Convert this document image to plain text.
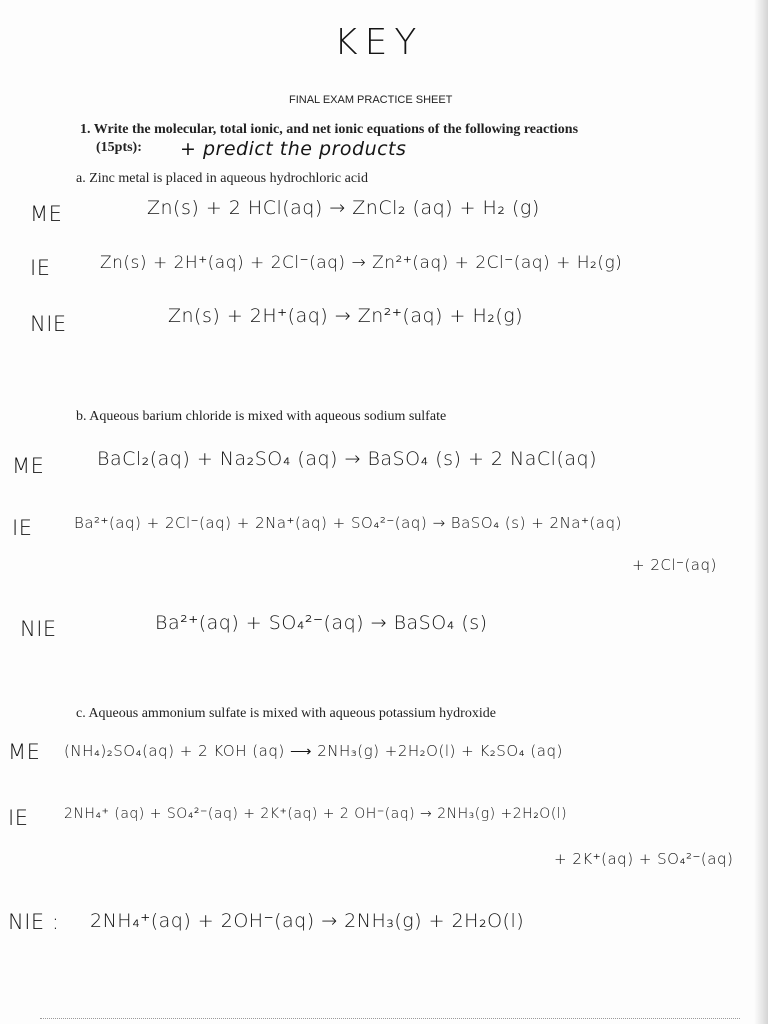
KEY
FINAL EXAM PRACTICE SHEET
1. Write the molecular, total ionic, and net ionic equations of the following reactions
(15pts): + predict the products
a. Zinc metal is placed in aqueous hydrochloric acid
ME	Zn(s) + 2 HCl(aq) → ZnCl₂ (aq) + H₂ (g)
IE	Zn(s) + 2H⁺(aq) + 2Cl⁻(aq) → Zn²⁺(aq) + 2Cl⁻(aq) + H₂(g)
NIE	Zn(s) + 2H⁺(aq) → Zn²⁺(aq) + H₂(g)
b. Aqueous barium chloride is mixed with aqueous sodium sulfate
ME	BaCl₂(aq) + Na₂SO₄ (aq) → BaSO₄ (s) + 2 NaCl(aq)
IE	Ba²⁺(aq) + 2Cl⁻(aq) + 2Na⁺(aq) + SO₄²⁻(aq) → BaSO₄ (s) + 2Na⁺(aq)
+ 2Cl⁻(aq)
NIE	Ba²⁺(aq) + SO₄²⁻(aq) → BaSO₄ (s)
c. Aqueous ammonium sulfate is mixed with aqueous potassium hydroxide
ME (NH₄)₂SO₄(aq) + 2 KOH (aq) ⟶ 2NH₃(g) +2H₂O(l) + K₂SO₄ (aq)
IE	2NH₄⁺ (aq) + SO₄²⁻(aq) + 2K⁺(aq) + 2 OH⁻(aq) → 2NH₃(g) +2H₂O(l)
+ 2K⁺(aq) + SO₄²⁻(aq)
NIE : 2NH₄⁺(aq) + 2OH⁻(aq) → 2NH₃(g) + 2H₂O(l)
